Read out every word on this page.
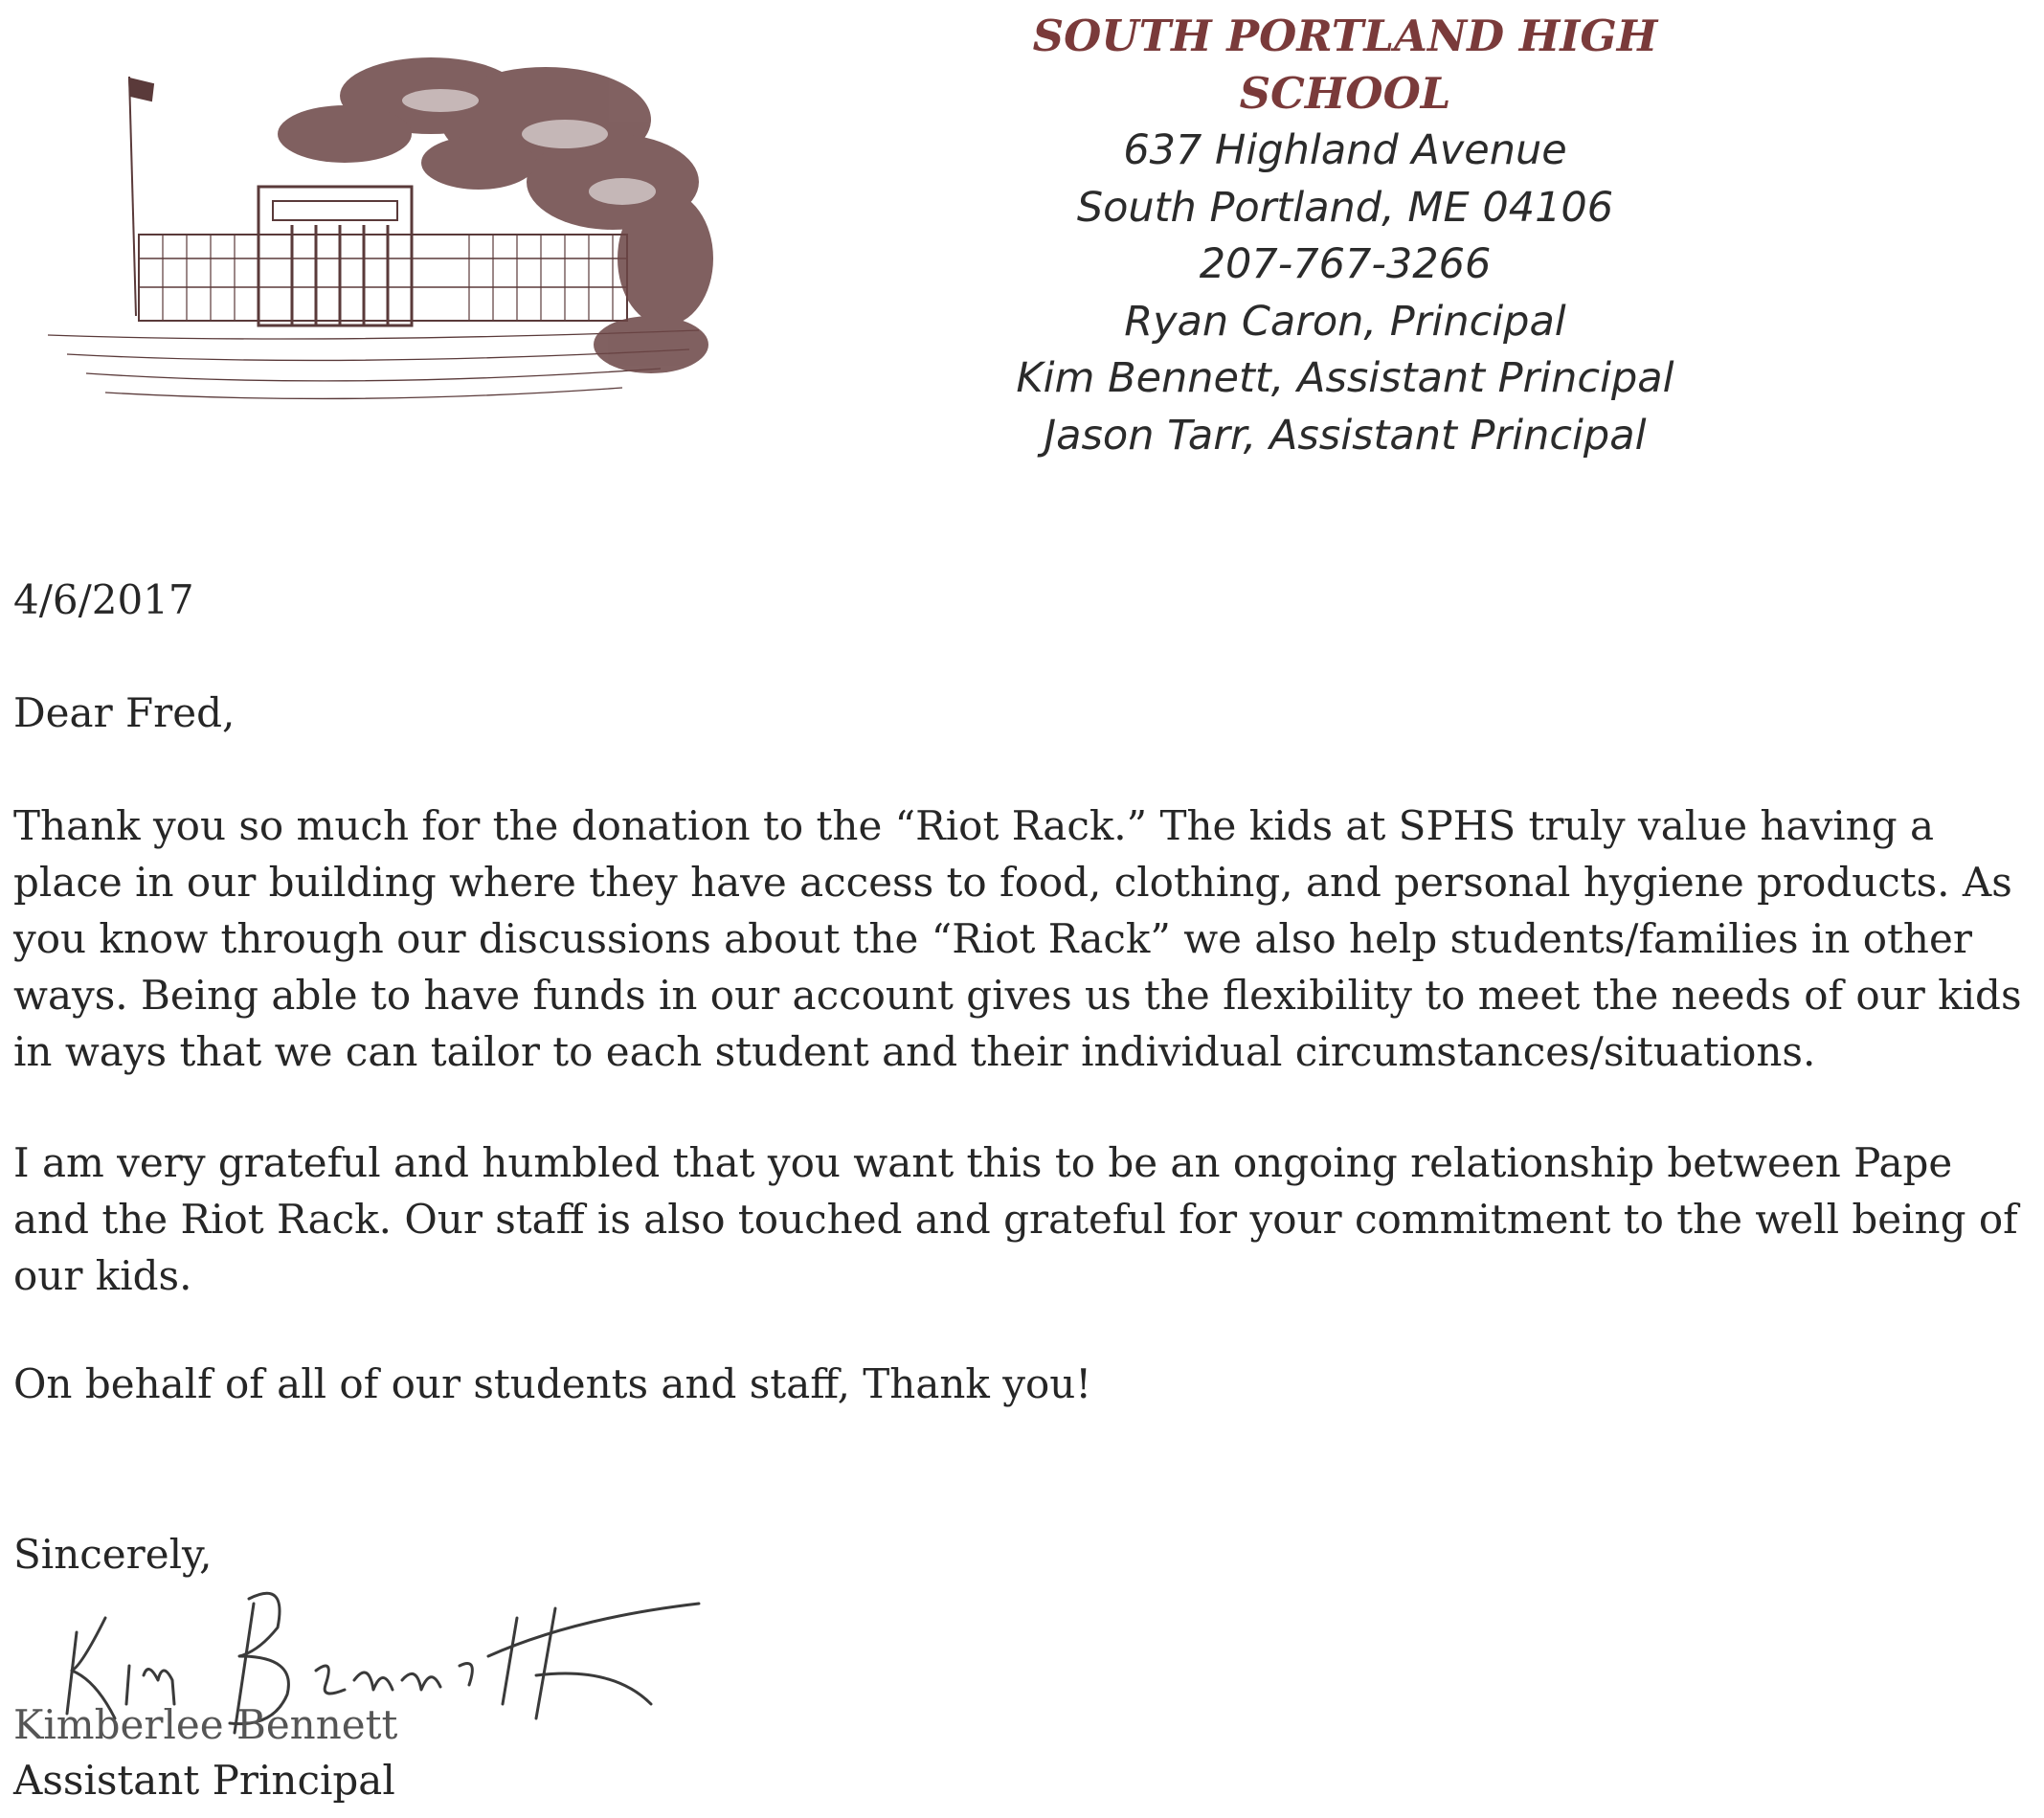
SOUTH PORTLAND HIGH SCHOOL
637 Highland Avenue
South Portland, ME 04106
207-767-3266
Ryan Caron, Principal
Kim Bennett, Assistant Principal
Jason Tarr, Assistant Principal
4/6/2017
Dear Fred,

Thank you so much for the donation to the “Riot Rack.” The kids at SPHS truly value having a place in our building where they have access to food, clothing, and personal hygiene products. As you know through our discussions about the “Riot Rack” we also help students/families in other ways. Being able to have funds in our account gives us the flexibility to meet the needs of our kids in ways that we can tailor to each student and their individual circumstances/situations.

I am very grateful and humbled that you want this to be an ongoing relationship between Pape and the Riot Rack. Our staff is also touched and grateful for your commitment to the well being of our kids.

On behalf of all of our students and staff, Thank you!
Sincerely,
Kimberlee Bennett
Assistant Principal
